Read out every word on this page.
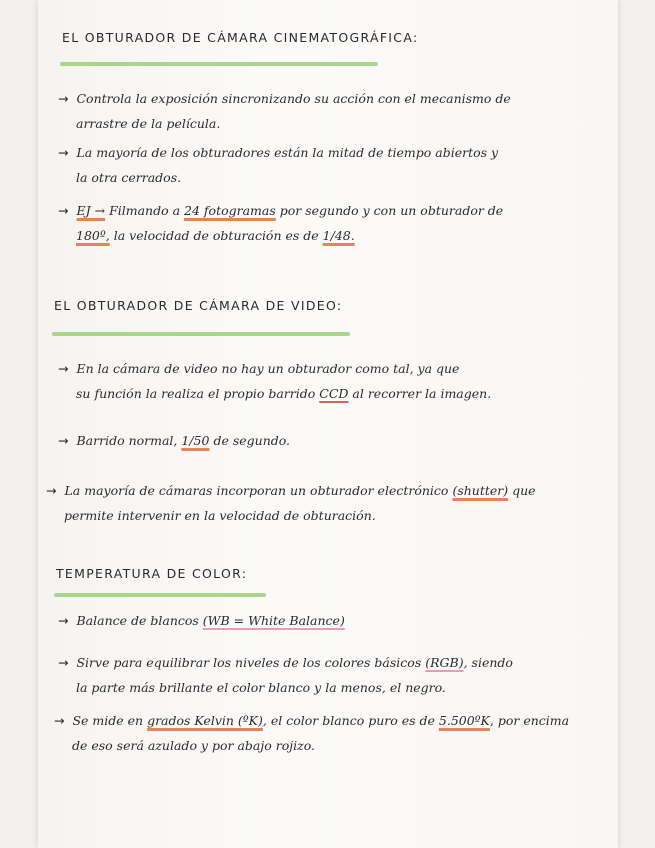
EL OBTURADOR DE CÁMARA CINEMATOGRÁFICA:

→ Controla la exposición sincronizando su acción con el mecanismo de

arrastre de la película.

→ La mayoría de los obturadores están la mitad de tiempo abiertos y

la otra cerrados.

→ EJ → Filmando a 24 fotogramas por segundo y con un obturador de

180º, la velocidad de obturación es de 1/48.

EL OBTURADOR DE CÁMARA DE VIDEO:

→ En la cámara de video no hay un obturador como tal, ya que

su función la realiza el propio barrido CCD al recorrer la imagen.

→ Barrido normal, 1/50 de segundo.

→ La mayoría de cámaras incorporan un obturador electrónico (shutter) que

permite intervenir en la velocidad de obturación.

TEMPERATURA DE COLOR:

→ Balance de blancos (WB = White Balance)

→ Sirve para equilibrar los niveles de los colores básicos (RGB), siendo

la parte más brillante el color blanco y la menos, el negro.

→ Se mide en grados Kelvin (ºK), el color blanco puro es de 5.500ºK, por encima

de eso será azulado y por abajo rojizo.
